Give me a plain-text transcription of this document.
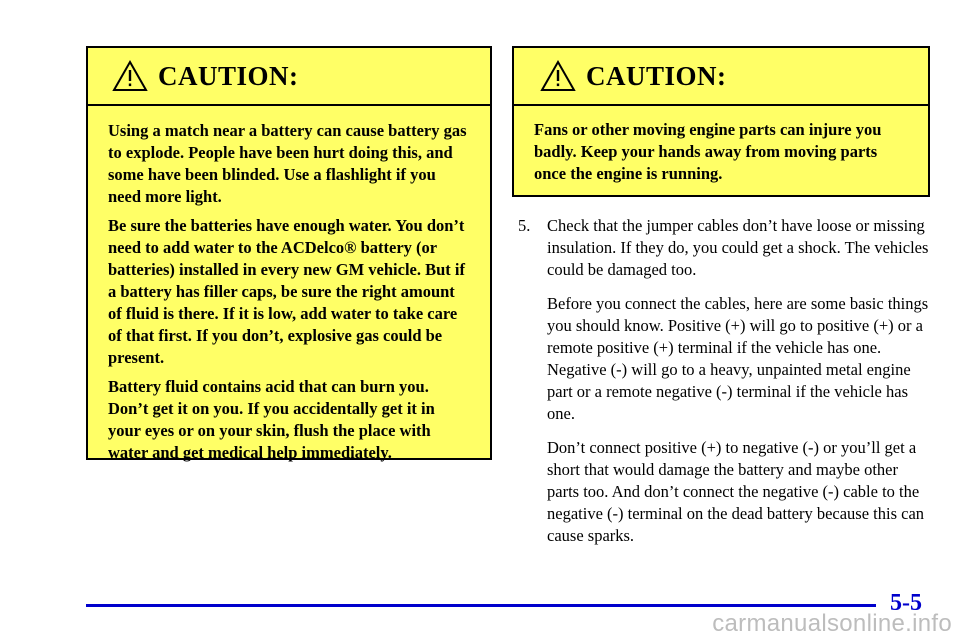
CAUTION:

Using a match near a battery can cause battery gas to explode. People have been hurt doing this, and some have been blinded. Use a flashlight if you need more light.

Be sure the batteries have enough water. You don’t need to add water to the ACDelco® battery (or batteries) installed in every new GM vehicle. But if a battery has filler caps, be sure the right amount of fluid is there. If it is low, add water to take care of that first. If you don’t, explosive gas could be present.

Battery fluid contains acid that can burn you. Don’t get it on you. If you accidentally get it in your eyes or on your skin, flush the place with water and get medical help immediately.

CAUTION:

Fans or other moving engine parts can injure you badly. Keep your hands away from moving parts once the engine is running.

5. Check that the jumper cables don’t have loose or missing insulation. If they do, you could get a shock. The vehicles could be damaged too.

Before you connect the cables, here are some basic things you should know. Positive (+) will go to positive (+) or a remote positive (+) terminal if the vehicle has one. Negative (-) will go to a heavy, unpainted metal engine part or a remote negative (-) terminal if the vehicle has one.

Don’t connect positive (+) to negative (-) or you’ll get a short that would damage the battery and maybe other parts too. And don’t connect the negative (-) cable to the negative (-) terminal on the dead battery because this can cause sparks.

5-5
carmanualsonline.info
